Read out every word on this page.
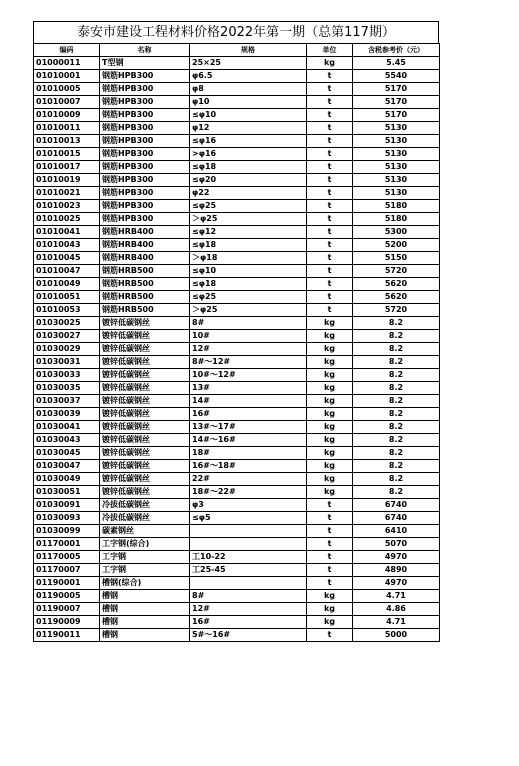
泰安市建设工程材料价格2022年第一期（总第117期）
编码	名称	规格	单位	含税参考价（元）
01000011	T型钢	25×25	kg	5.45
01010001	钢筋HPB300	φ6.5	t	5540
01010005	钢筋HPB300	φ8	t	5170
01010007	钢筋HPB300	φ10	t	5170
01010009	钢筋HPB300	≤φ10	t	5170
01010011	钢筋HPB300	φ12	t	5130
01010013	钢筋HPB300	≤φ16	t	5130
01010015	钢筋HPB300	>φ16	t	5130
01010017	钢筋HPB300	≤φ18	t	5130
01010019	钢筋HPB300	≤φ20	t	5130
01010021	钢筋HPB300	φ22	t	5130
01010023	钢筋HPB300	≤φ25	t	5180
01010025	钢筋HPB300	＞φ25	t	5180
01010041	钢筋HRB400	≤φ12	t	5300
01010043	钢筋HRB400	≤φ18	t	5200
01010045	钢筋HRB400	＞φ18	t	5150
01010047	钢筋HRB500	≤φ10	t	5720
01010049	钢筋HRB500	≤φ18	t	5620
01010051	钢筋HRB500	≤φ25	t	5620
01010053	钢筋HRB500	＞φ25	t	5720
01030025	镀锌低碳钢丝	8#	kg	8.2
01030027	镀锌低碳钢丝	10#	kg	8.2
01030029	镀锌低碳钢丝	12#	kg	8.2
01030031	镀锌低碳钢丝	8#～12#	kg	8.2
01030033	镀锌低碳钢丝	10#～12#	kg	8.2
01030035	镀锌低碳钢丝	13#	kg	8.2
01030037	镀锌低碳钢丝	14#	kg	8.2
01030039	镀锌低碳钢丝	16#	kg	8.2
01030041	镀锌低碳钢丝	13#～17#	kg	8.2
01030043	镀锌低碳钢丝	14#～16#	kg	8.2
01030045	镀锌低碳钢丝	18#	kg	8.2
01030047	镀锌低碳钢丝	16#～18#	kg	8.2
01030049	镀锌低碳钢丝	22#	kg	8.2
01030051	镀锌低碳钢丝	18#～22#	kg	8.2
01030091	冷拔低碳钢丝	φ3	t	6740
01030093	冷拔低碳钢丝	≤φ5	t	6740
01030099	碳素钢丝		t	6410
01170001	工字钢(综合)		t	5070
01170005	工字钢	工10-22	t	4970
01170007	工字钢	工25-45	t	4890
01190001	槽钢(综合)		t	4970
01190005	槽钢	8#	kg	4.71
01190007	槽钢	12#	kg	4.86
01190009	槽钢	16#	kg	4.71
01190011	槽钢	5#～16#	t	5000
